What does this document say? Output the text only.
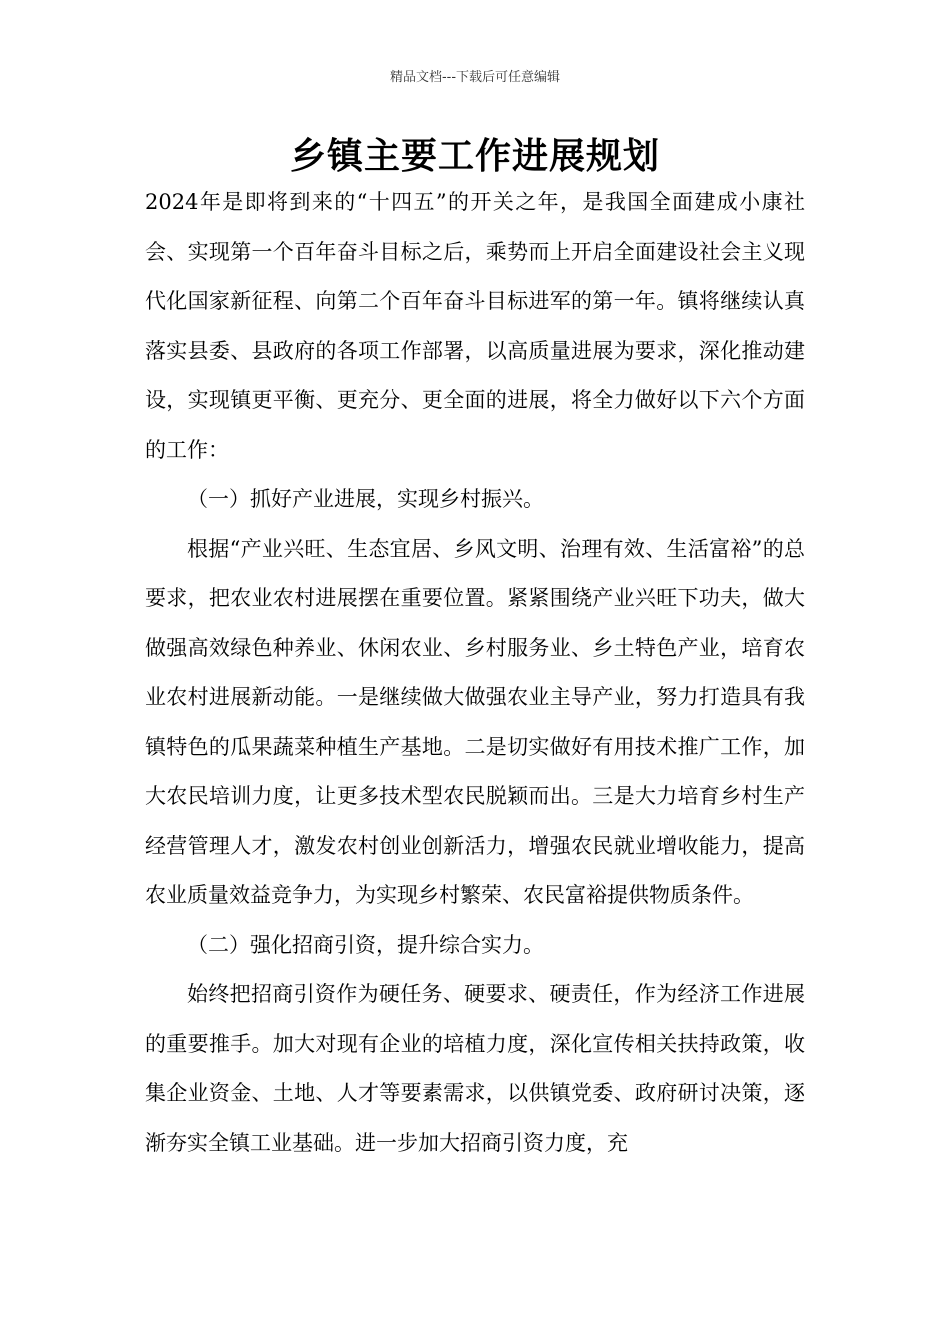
精品文档---下载后可任意编辑
乡镇主要工作进展规划

2024年是即将到来的“十四五”的开关之年，是我国全面建成小康社会、实现第一个百年奋斗目标之后，乘势而上开启全面建设社会主义现代化国家新征程、向第二个百年奋斗目标进军的第一年。镇将继续认真落实县委、县政府的各项工作部署，以高质量进展为要求，深化推动建设，实现镇更平衡、更充分、更全面的进展，将全力做好以下六个方面的工作：

（一）抓好产业进展，实现乡村振兴。

根据“产业兴旺、生态宜居、乡风文明、治理有效、生活富裕”的总要求，把农业农村进展摆在重要位置。紧紧围绕产业兴旺下功夫，做大做强高效绿色种养业、休闲农业、乡村服务业、乡土特色产业，培育农业农村进展新动能。一是继续做大做强农业主导产业，努力打造具有我镇特色的瓜果蔬菜种植生产基地。二是切实做好有用技术推广工作，加大农民培训力度，让更多技术型农民脱颖而出。三是大力培育乡村生产经营管理人才，激发农村创业创新活力，增强农民就业增收能力，提高农业质量效益竞争力，为实现乡村繁荣、农民富裕提供物质条件。

（二）强化招商引资，提升综合实力。

始终把招商引资作为硬任务、硬要求、硬责任，作为经济工作进展的重要推手。加大对现有企业的培植力度，深化宣传相关扶持政策，收集企业资金、土地、人才等要素需求，以供镇党委、政府研讨决策，逐渐夯实全镇工业基础。进一步加大招商引资力度，充
